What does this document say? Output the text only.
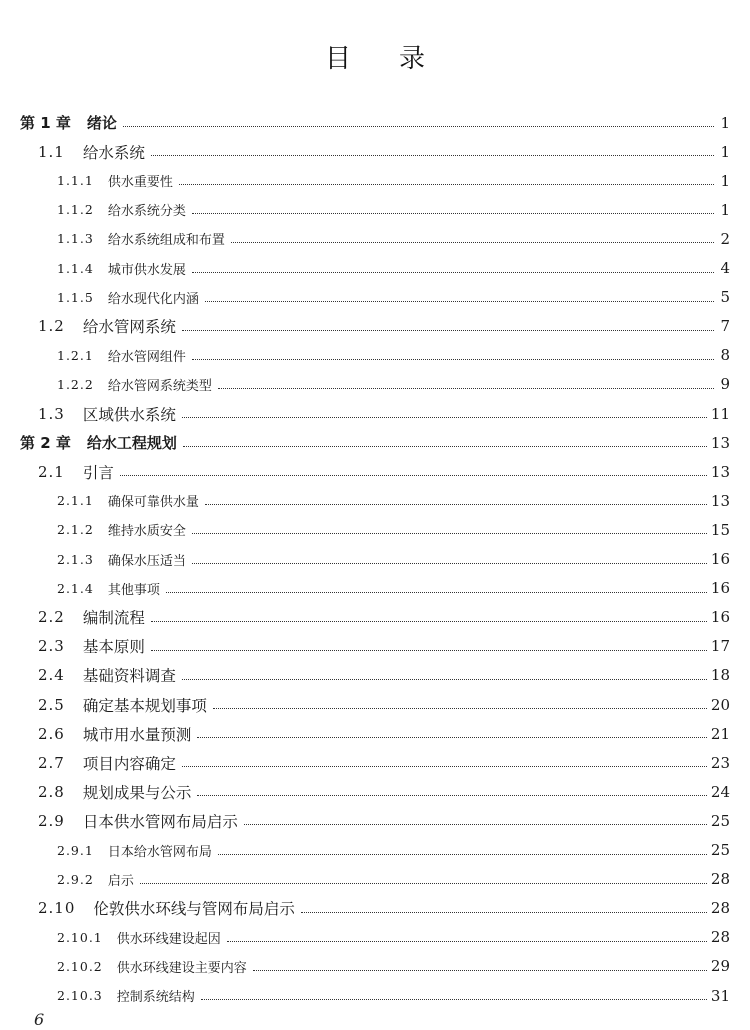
目录
第 1 章 绪论	1
1.1 给水系统	1
1.1.1 供水重要性	1
1.1.2 给水系统分类	1
1.1.3 给水系统组成和布置	2
1.1.4 城市供水发展	4
1.1.5 给水现代化内涵	5
1.2 给水管网系统	7
1.2.1 给水管网组件	8
1.2.2 给水管网系统类型	9
1.3 区域供水系统	11
第 2 章 给水工程规划	13
2.1 引言	13
2.1.1 确保可靠供水量	13
2.1.2 维持水质安全	15
2.1.3 确保水压适当	16
2.1.4 其他事项	16
2.2 编制流程	16
2.3 基本原则	17
2.4 基础资料调查	18
2.5 确定基本规划事项	20
2.6 城市用水量预测	21
2.7 项目内容确定	23
2.8 规划成果与公示	24
2.9 日本供水管网布局启示	25
2.9.1 日本给水管网布局	25
2.9.2 启示	28
2.10 伦敦供水环线与管网布局启示	28
2.10.1 供水环线建设起因	28
2.10.2 供水环线建设主要内容	29
2.10.3 控制系统结构	31
6
